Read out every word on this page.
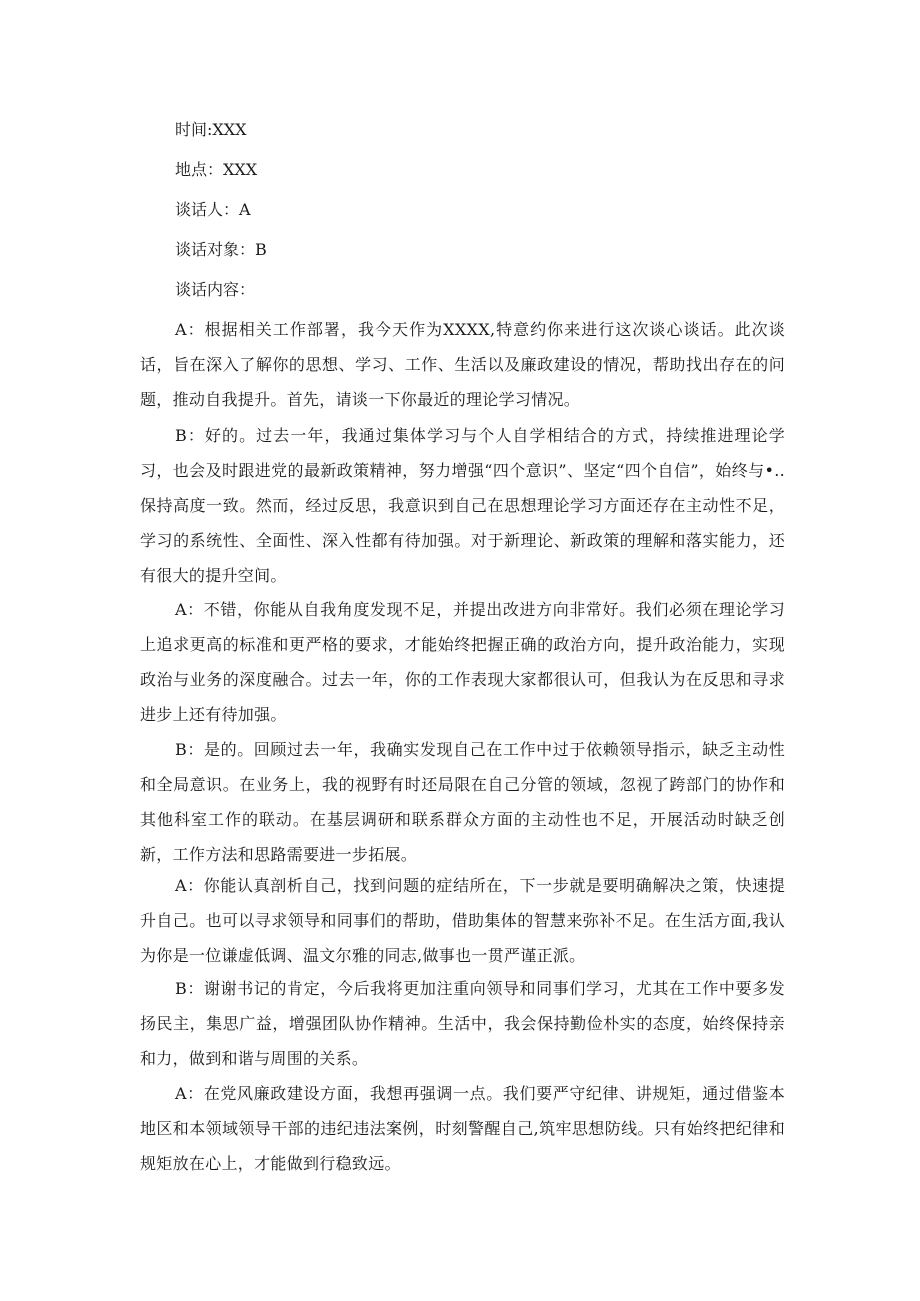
时间:XXX
地点：XXX
谈话人：A
谈话对象：B
谈话内容：

A：根据相关工作部署，我今天作为XXXX,特意约你来进行这次谈心谈话。此次谈话，旨在深入了解你的思想、学习、工作、生活以及廉政建设的情况，帮助找出存在的问题，推动自我提升。首先，请谈一下你最近的理论学习情况。

B：好的。过去一年，我通过集体学习与个人自学相结合的方式，持续推进理论学习，也会及时跟进党的最新政策精神，努力增强“四个意识”、坚定“四个自信”，始终与•..保持高度一致。然而，经过反思，我意识到自己在思想理论学习方面还存在主动性不足，学习的系统性、全面性、深入性都有待加强。对于新理论、新政策的理解和落实能力，还有很大的提升空间。

A：不错，你能从自我角度发现不足，并提出改进方向非常好。我们必须在理论学习上追求更高的标准和更严格的要求，才能始终把握正确的政治方向，提升政治能力，实现政治与业务的深度融合。过去一年，你的工作表现大家都很认可，但我认为在反思和寻求进步上还有待加强。

B：是的。回顾过去一年，我确实发现自己在工作中过于依赖领导指示，缺乏主动性和全局意识。在业务上，我的视野有时还局限在自己分管的领域，忽视了跨部门的协作和其他科室工作的联动。在基层调研和联系群众方面的主动性也不足，开展活动时缺乏创新，工作方法和思路需要进一步拓展。

A：你能认真剖析自己，找到问题的症结所在，下一步就是要明确解决之策，快速提升自己。也可以寻求领导和同事们的帮助，借助集体的智慧来弥补不足。在生活方面,我认为你是一位谦虚低调、温文尔雅的同志,做事也一贯严谨正派。

B：谢谢书记的肯定，今后我将更加注重向领导和同事们学习，尤其在工作中要多发扬民主，集思广益，增强团队协作精神。生活中，我会保持勤俭朴实的态度，始终保持亲和力，做到和谐与周围的关系。

A：在党风廉政建设方面，我想再强调一点。我们要严守纪律、讲规矩，通过借鉴本地区和本领域领导干部的违纪违法案例，时刻警醒自己,筑牢思想防线。只有始终把纪律和规矩放在心上，才能做到行稳致远。
